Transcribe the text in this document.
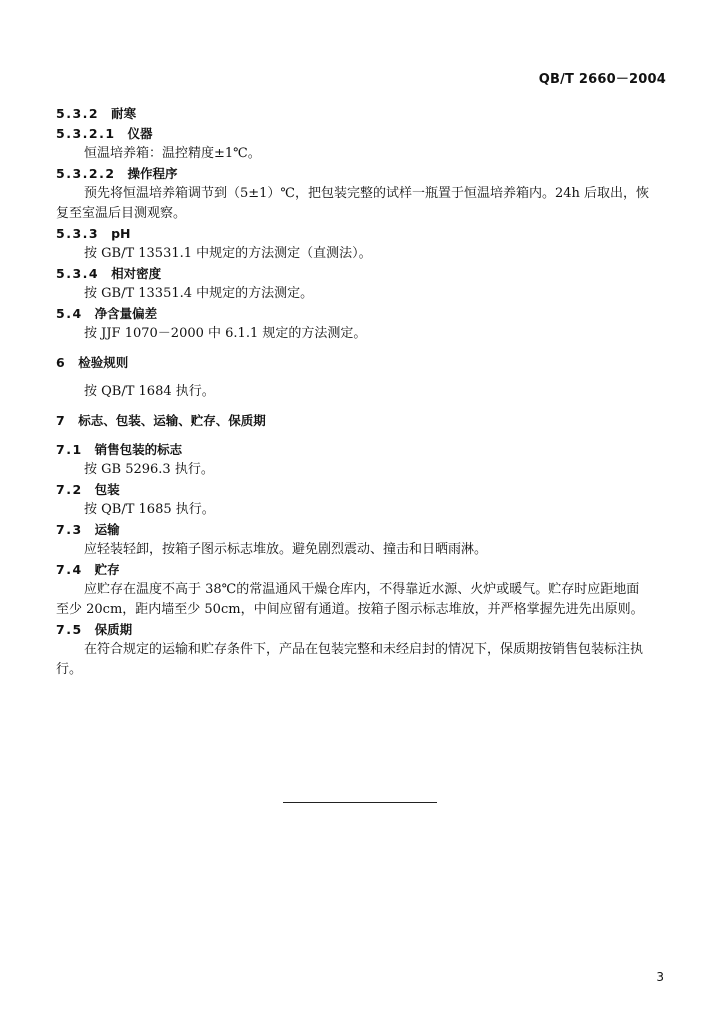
QB/T 2660－2004
5.3.2 耐寒
5.3.2.1 仪器
恒温培养箱：温控精度±1℃。
5.3.2.2 操作程序
预先将恒温培养箱调节到（5±1）℃，把包装完整的试样一瓶置于恒温培养箱内。24h 后取出，恢
复至室温后目测观察。
5.3.3 pH
按 GB/T 13531.1 中规定的方法测定（直测法）。
5.3.4 相对密度
按 GB/T 13351.4 中规定的方法测定。
5.4 净含量偏差
按 JJF 1070－2000 中 6.1.1 规定的方法测定。
6 检验规则
按 QB/T 1684 执行。
7 标志、包装、运输、贮存、保质期
7.1 销售包装的标志
按 GB 5296.3 执行。
7.2 包装
按 QB/T 1685 执行。
7.3 运输
应轻装轻卸，按箱子图示标志堆放。避免剧烈震动、撞击和日晒雨淋。
7.4 贮存
应贮存在温度不高于 38℃的常温通风干燥仓库内，不得靠近水源、火炉或暖气。贮存时应距地面
至少 20cm，距内墙至少 50cm，中间应留有通道。按箱子图示标志堆放，并严格掌握先进先出原则。
7.5 保质期
在符合规定的运输和贮存条件下，产品在包装完整和未经启封的情况下，保质期按销售包装标注执
行。
3
